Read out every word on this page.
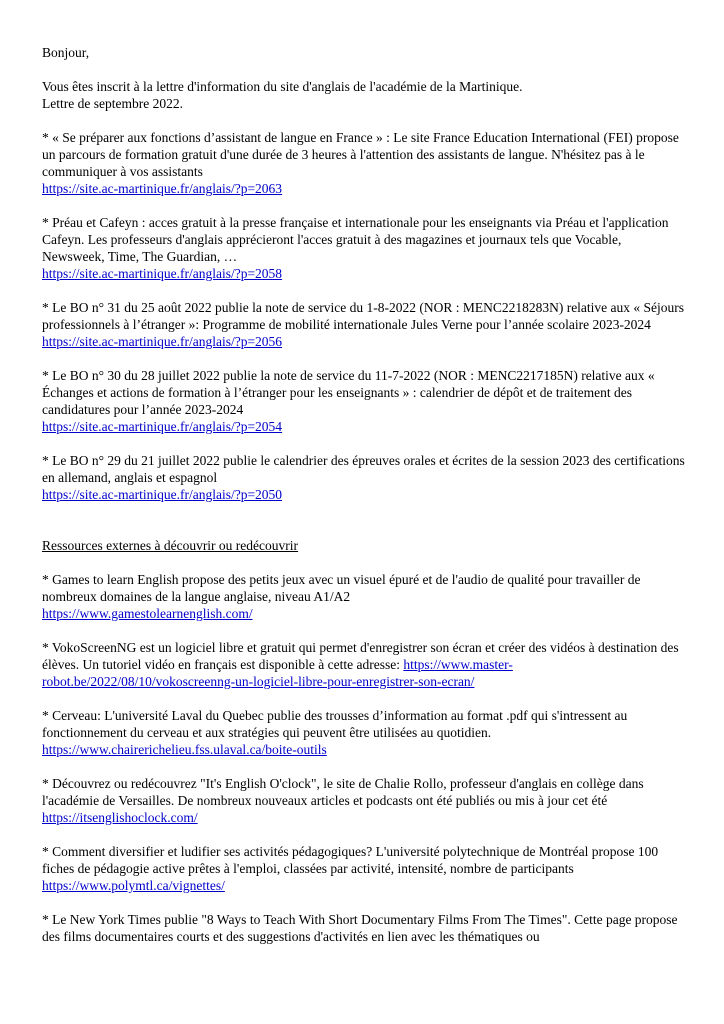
Bonjour,

Vous êtes inscrit à la lettre d'information du site d'anglais de l'académie de la Martinique.
Lettre de septembre 2022.

* « Se préparer aux fonctions d’assistant de langue en France » : Le site France Education International (FEI) propose un parcours de formation gratuit d'une durée de 3 heures à l'attention des assistants de langue. N'hésitez pas à le communiquer à vos assistants
https://site.ac-martinique.fr/anglais/?p=2063

* Préau et Cafeyn : acces gratuit à la presse française et internationale pour les enseignants via Préau et l'application Cafeyn. Les professeurs d'anglais apprécieront l'acces gratuit à des magazines et journaux tels que Vocable, Newsweek, Time, The Guardian, …
https://site.ac-martinique.fr/anglais/?p=2058

* Le BO n° 31 du 25 août 2022 publie la note de service du 1-8-2022 (NOR : MENC2218283N) relative aux « Séjours professionnels à l’étranger »: Programme de mobilité internationale Jules Verne pour l’année scolaire 2023-2024
https://site.ac-martinique.fr/anglais/?p=2056

* Le BO n° 30 du 28 juillet 2022 publie la note de service du 11-7-2022 (NOR : MENC2217185N) relative aux « Échanges et actions de formation à l’étranger pour les enseignants » : calendrier de dépôt et de traitement des candidatures pour l’année 2023-2024
https://site.ac-martinique.fr/anglais/?p=2054

* Le BO n° 29 du 21 juillet 2022 publie le calendrier des épreuves orales et écrites de la session 2023 des certifications en allemand, anglais et espagnol
https://site.ac-martinique.fr/anglais/?p=2050

Ressources externes à découvrir ou redécouvrir

* Games to learn English propose des petits jeux avec un visuel épuré et de l'audio de qualité pour travailler de nombreux domaines de la langue anglaise, niveau A1/A2
https://www.gamestolearnenglish.com/

* VokoScreenNG est un logiciel libre et gratuit qui permet d'enregistrer son écran et créer des vidéos à destination des élèves. Un tutoriel vidéo en français est disponible à cette adresse: https://www.master-robot.be/2022/08/10/vokoscreenng-un-logiciel-libre-pour-enregistrer-son-ecran/

* Cerveau: L'université Laval du Quebec publie des trousses d’information au format .pdf qui s'intressent au fonctionnement du cerveau et aux stratégies qui peuvent être utilisées au quotidien.
https://www.chairerichelieu.fss.ulaval.ca/boite-outils

* Découvrez ou redécouvrez "It's English O'clock", le site de Chalie Rollo, professeur d'anglais en collège dans l'académie de Versailles. De nombreux nouveaux articles et podcasts ont été publiés ou mis à jour cet été https://itsenglishoclock.com/

* Comment diversifier et ludifier ses activités pédagogiques? L'université polytechnique de Montréal propose 100 fiches de pédagogie active prêtes à l'emploi, classées par activité, intensité, nombre de participants
https://www.polymtl.ca/vignettes/

* Le New York Times publie "8 Ways to Teach With Short Documentary Films From The Times". Cette page propose des films documentaires courts et des suggestions d'activités en lien avec les thématiques ou
